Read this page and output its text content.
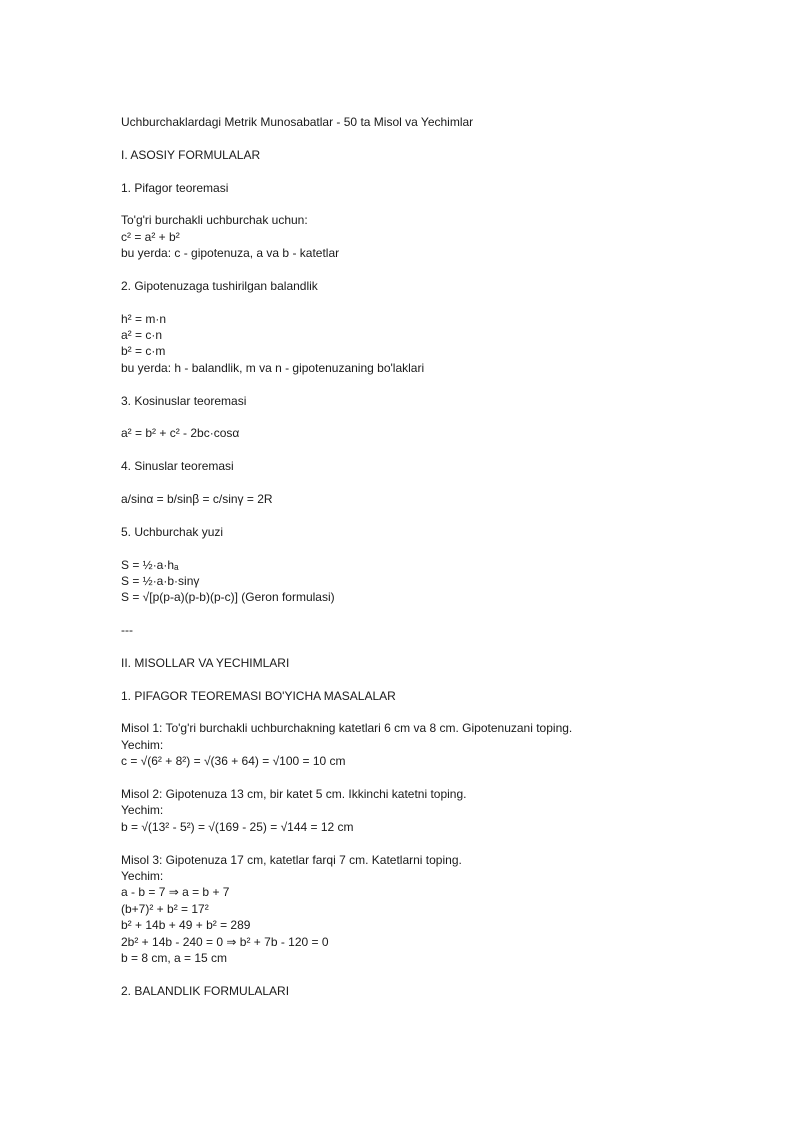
Uchburchaklardagi Metrik Munosabatlar - 50 ta Misol va Yechimlar
I. ASOSIY FORMULALAR
1. Pifagor teoremasi
To'g'ri burchakli uchburchak uchun:
c² = a² + b²
bu yerda: c - gipotenuza, a va b - katetlar
2. Gipotenuzaga tushirilgan balandlik
h² = m·n
a² = c·n
b² = c·m
bu yerda: h - balandlik, m va n - gipotenuzaning bo'laklari
3. Kosinuslar teoremasi
a² = b² + c² - 2bc·cosα
4. Sinuslar teoremasi
a/sinα = b/sinβ = c/sinγ = 2R
5. Uchburchak yuzi
S = ½·a·hₐ
S = ½·a·b·sinγ
S = √[p(p-a)(p-b)(p-c)] (Geron formulasi)
---
II. MISOLLAR VA YECHIMLARI
1. PIFAGOR TEOREMASI BO'YICHA MASALALAR
Misol 1: To'g'ri burchakli uchburchakning katetlari 6 cm va 8 cm. Gipotenuzani toping.
Yechim:
c = √(6² + 8²) = √(36 + 64) = √100 = 10 cm
Misol 2: Gipotenuza 13 cm, bir katet 5 cm. Ikkinchi katetni toping.
Yechim:
b = √(13² - 5²) = √(169 - 25) = √144 = 12 cm
Misol 3: Gipotenuza 17 cm, katetlar farqi 7 cm. Katetlarni toping.
Yechim:
a - b = 7 ⇒ a = b + 7
(b+7)² + b² = 17²
b² + 14b + 49 + b² = 289
2b² + 14b - 240 = 0 ⇒ b² + 7b - 120 = 0
b = 8 cm, a = 15 cm
2. BALANDLIK FORMULALARI
